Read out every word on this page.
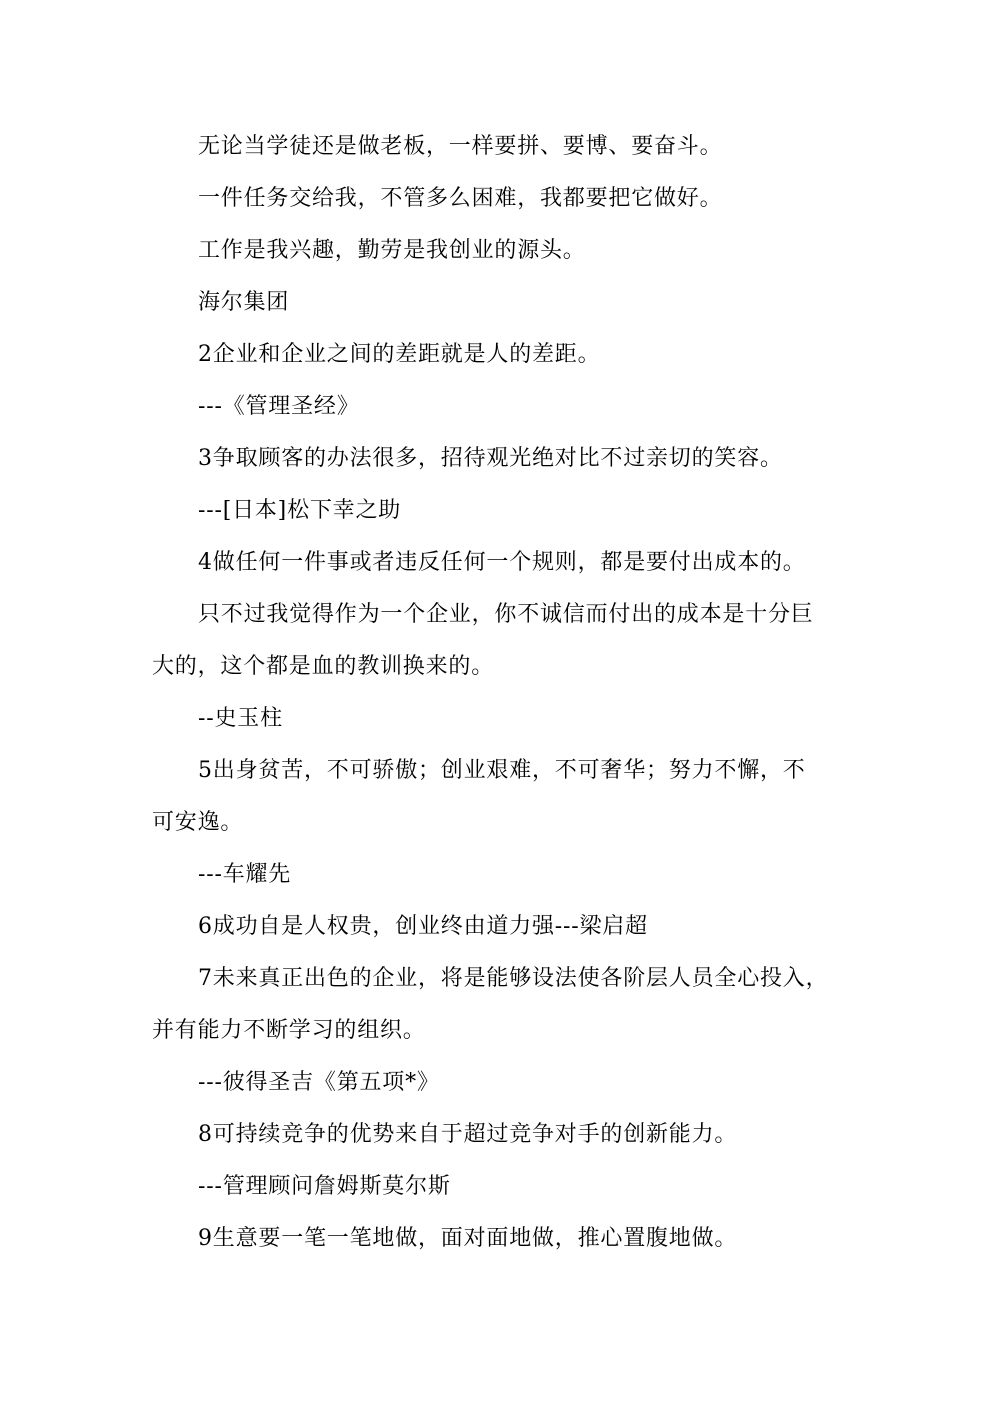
无论当学徒还是做老板，一样要拼、要博、要奋斗。
一件任务交给我，不管多么困难，我都要把它做好。
工作是我兴趣，勤劳是我创业的源头。
海尔集团
2企业和企业之间的差距就是人的差距。
---《管理圣经》
3争取顾客的办法很多，招待观光绝对比不过亲切的笑容。
---[日本]松下幸之助
4做任何一件事或者违反任何一个规则，都是要付出成本的。
只不过我觉得作为一个企业，你不诚信而付出的成本是十分巨
大的，这个都是血的教训换来的。
--史玉柱
5出身贫苦，不可骄傲；创业艰难，不可奢华；努力不懈，不
可安逸。
---车耀先
6成功自是人权贵，创业终由道力强---梁启超
7未来真正出色的企业，将是能够设法使各阶层人员全心投入，
并有能力不断学习的组织。
---彼得圣吉《第五项*》
8可持续竞争的优势来自于超过竞争对手的创新能力。
---管理顾问詹姆斯莫尔斯
9生意要一笔一笔地做，面对面地做，推心置腹地做。
